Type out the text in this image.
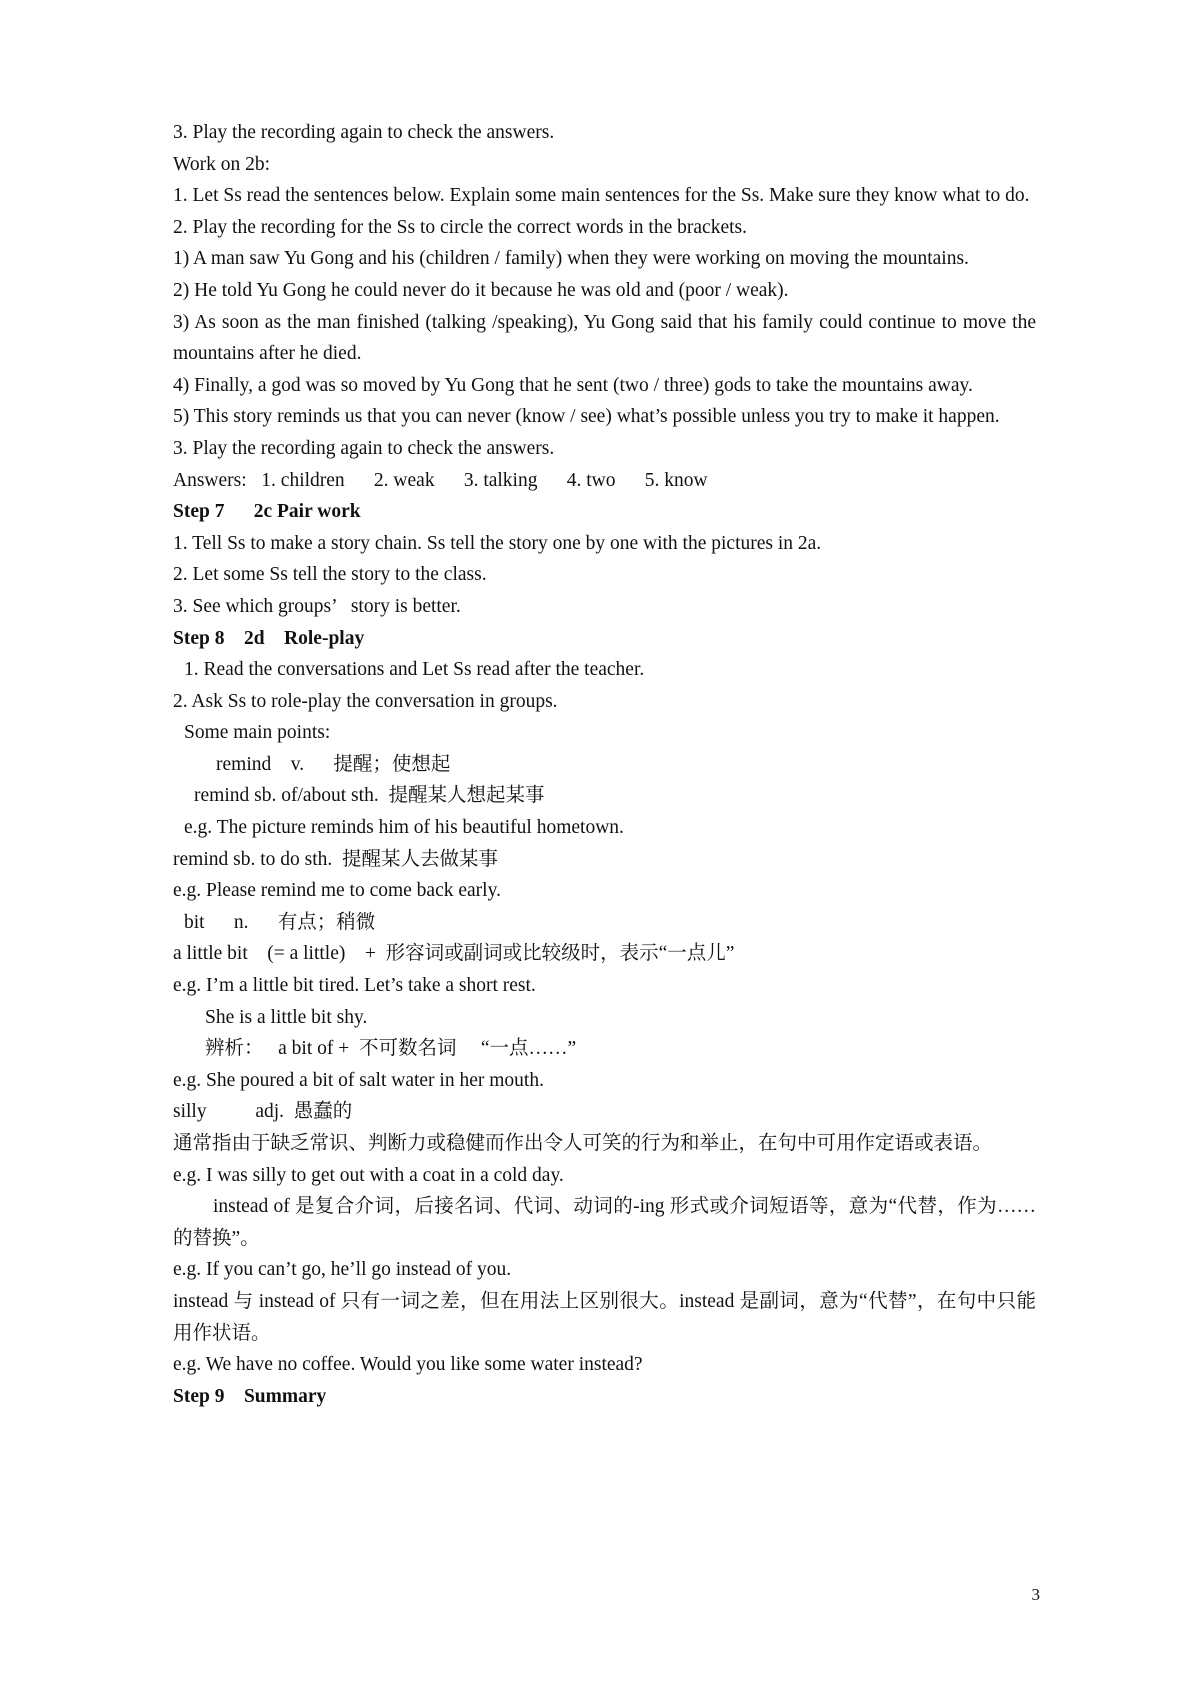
3. Play the recording again to check the answers.
Work on 2b:
1. Let Ss read the sentences below. Explain some main sentences for the Ss. Make sure they know what to do.
2. Play the recording for the Ss to circle the correct words in the brackets.
1) A man saw Yu Gong and his (children / family) when they were working on moving the mountains.
2) He told Yu Gong he could never do it because he was old and (poor / weak).
3) As soon as the man finished (talking /speaking), Yu Gong said that his family could continue to move the mountains after he died.
4) Finally, a god was so moved by Yu Gong that he sent (two / three) gods to take the mountains away.
5) This story reminds us that you can never (know / see) what’s possible unless you try to make it happen.
3. Play the recording again to check the answers.
Answers:   1. children      2. weak      3. talking      4. two      5. know
Step 7      2c Pair work
1. Tell Ss to make a story chain. Ss tell the story one by one with the pictures in 2a.
2. Let some Ss tell the story to the class.
3. See which groups’   story is better.
Step 8    2d    Role-play
1. Read the conversations and Let Ss read after the teacher.
2. Ask Ss to role-play the conversation in groups.
Some main points:
remind    v.      提醒；使想起
remind sb. of/about sth.  提醒某人想起某事
e.g. The picture reminds him of his beautiful hometown.
remind sb. to do sth.  提醒某人去做某事
e.g. Please remind me to come back early.
bit      n.      有点；稍微
a little bit    (= a little)    +  形容词或副词或比较级时，表示“一点儿”
e.g. I’m a little bit tired. Let’s take a short rest.
She is a little bit shy.
辨析：   a bit of +  不可数名词     “一点……”
e.g. She poured a bit of salt water in her mouth.
silly          adj.  愚蠢的
通常指由于缺乏常识、判断力或稳健而作出令人可笑的行为和举止，在句中可用作定语或表语。
e.g. I was silly to get out with a coat in a cold day.
instead of 是复合介词，后接名词、代词、动词的-ing 形式或介词短语等，意为“代替，作为……的替换”。
e.g. If you can’t go, he’ll go instead of you.
instead 与 instead of 只有一词之差，但在用法上区别很大。instead 是副词，意为“代替”，在句中只能用作状语。
e.g. We have no coffee. Would you like some water instead?
Step 9    Summary
3
